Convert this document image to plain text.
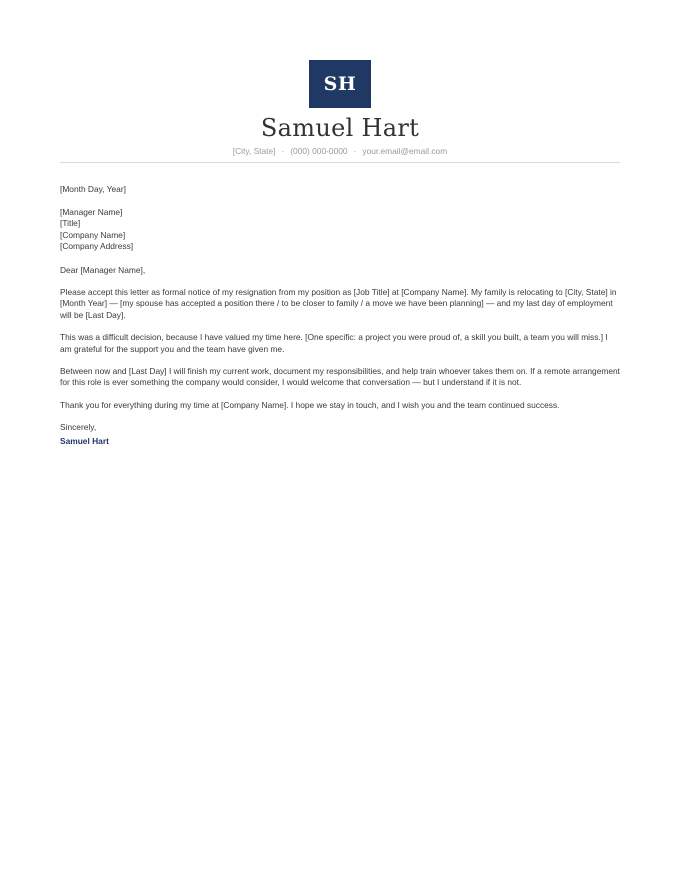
SH
Samuel Hart
[City, State] · (000) 000-0000 · your.email@email.com

[Month Day, Year]

[Manager Name]

[Title]

[Company Name]

[Company Address]

Dear [Manager Name],

Please accept this letter as formal notice of my resignation from my position as [Job Title] at [Company Name]. My family is relocating to [City, State] in [Month Year] — [my spouse has accepted a position there / to be closer to family / a move we have been planning] — and my last day of employment will be [Last Day].

This was a difficult decision, because I have valued my time here. [One specific: a project you were proud of, a skill you built, a team you will miss.] I am grateful for the support you and the team have given me.

Between now and [Last Day] I will finish my current work, document my responsibilities, and help train whoever takes them on. If a remote arrangement for this role is ever something the company would consider, I would welcome that conversation — but I understand if it is not.

Thank you for everything during my time at [Company Name]. I hope we stay in touch, and I wish you and the team continued success.

Sincerely,

Samuel Hart
